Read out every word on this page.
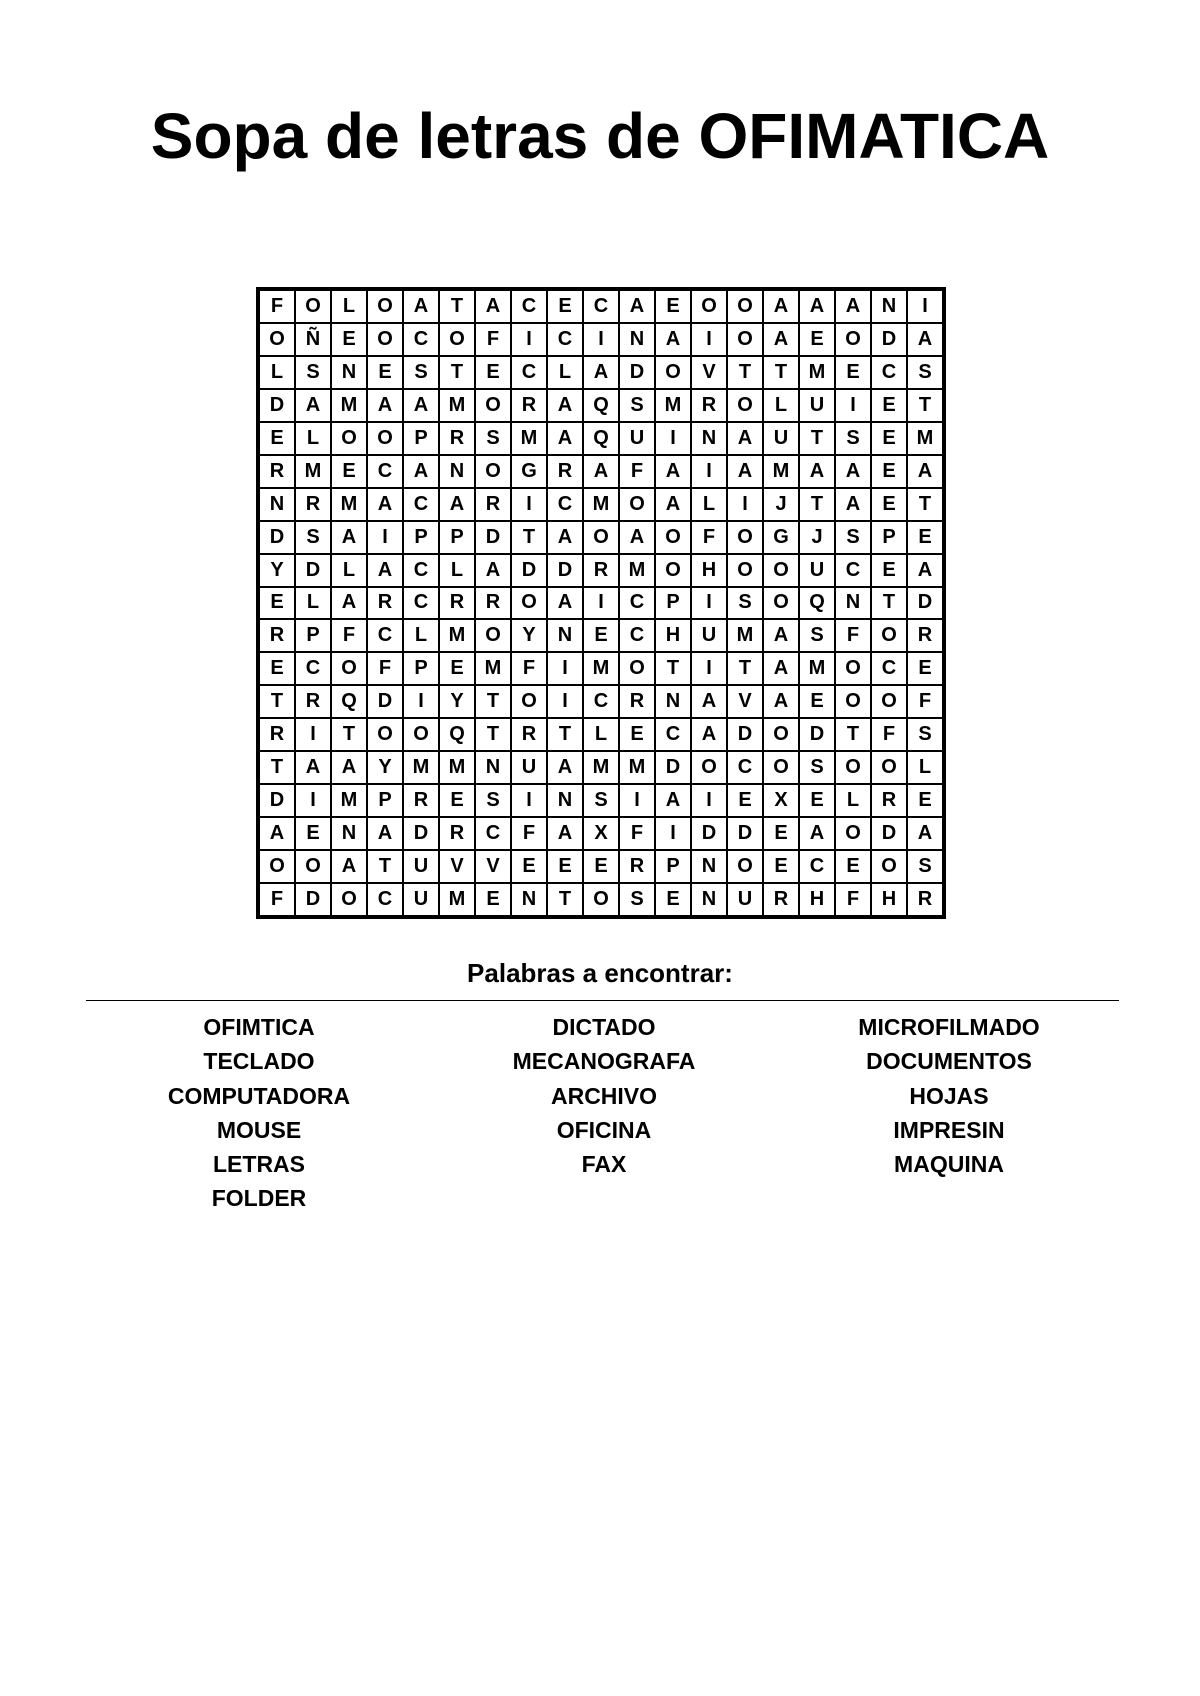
Sopa de letras de OFIMATICA
F	O	L	O	A	T	A	C	E	C	A	E	O	O	A	A	A	N	I
O	Ñ	E	O	C	O	F	I	C	I	N	A	I	O	A	E	O	D	A
L	S	N	E	S	T	E	C	L	A	D	O	V	T	T	M	E	C	S
D	A	M	A	A	M O	R	A	Q	S	M	R	O	L	U	I	E	T
E	L	O	O	P	R	S	M	A	Q	U	I	N	A	U	T	S	E	M
R	M	E	C	A	N	O	G	R	A	F	A	I	A	M	A	A	E	A
N	R	M	A	C	A	R	I	C	M O	A	L	I	J	T	A	E	T
D	S	A	I	P	P	D	T	A	O	A	O	F	O	G	J	S	P	E
Y	D	L	A	C	L	A	D	D	R	M O	H	O	O	U	C	E	A
E	L	A	R	C	R	R	O	A	I	C	P	I	S	O	Q	N	T	D
R	P	F	C	L	M O	Y	N	E	C	H	U	M	A	S	F	O	R
E	C	O	F	P	E	M	F	I	M O	T	I	T	A	M O	C	E
T	R	Q	D	I	Y	T	O	I	C	R	N	A	V	A	E	O	O	F
R	I	T	O	O	Q	T	R	T	L	E	C	A	D	O	D	T	F	S
T	A	A	Y	M M	N	U	A	M M	D	O	C	O	S	O	O	L
D	I	M	P	R	E	S	I	N	S	I	A	I	E	X	E	L	R	E
A	E	N	A	D	R	C	F	A	X	F	I	D	D	E	A	O	D	A
O	O	A	T	U	V	V	E	E	E	R	P	N	O	E	C	E	O	S
F	D	O	C	U	M	E	N	T	O	S	E	N	U	R	H	F	H	R
Palabras a encontrar:
OFIMTICA
TECLADO
COMPUTADORA
MOUSE
LETRAS
FOLDER
DICTADO
MECANOGRAFA
ARCHIVO
OFICINA
FAX
MICROFILMADO
DOCUMENTOS
HOJAS
IMPRESIN
MAQUINA
